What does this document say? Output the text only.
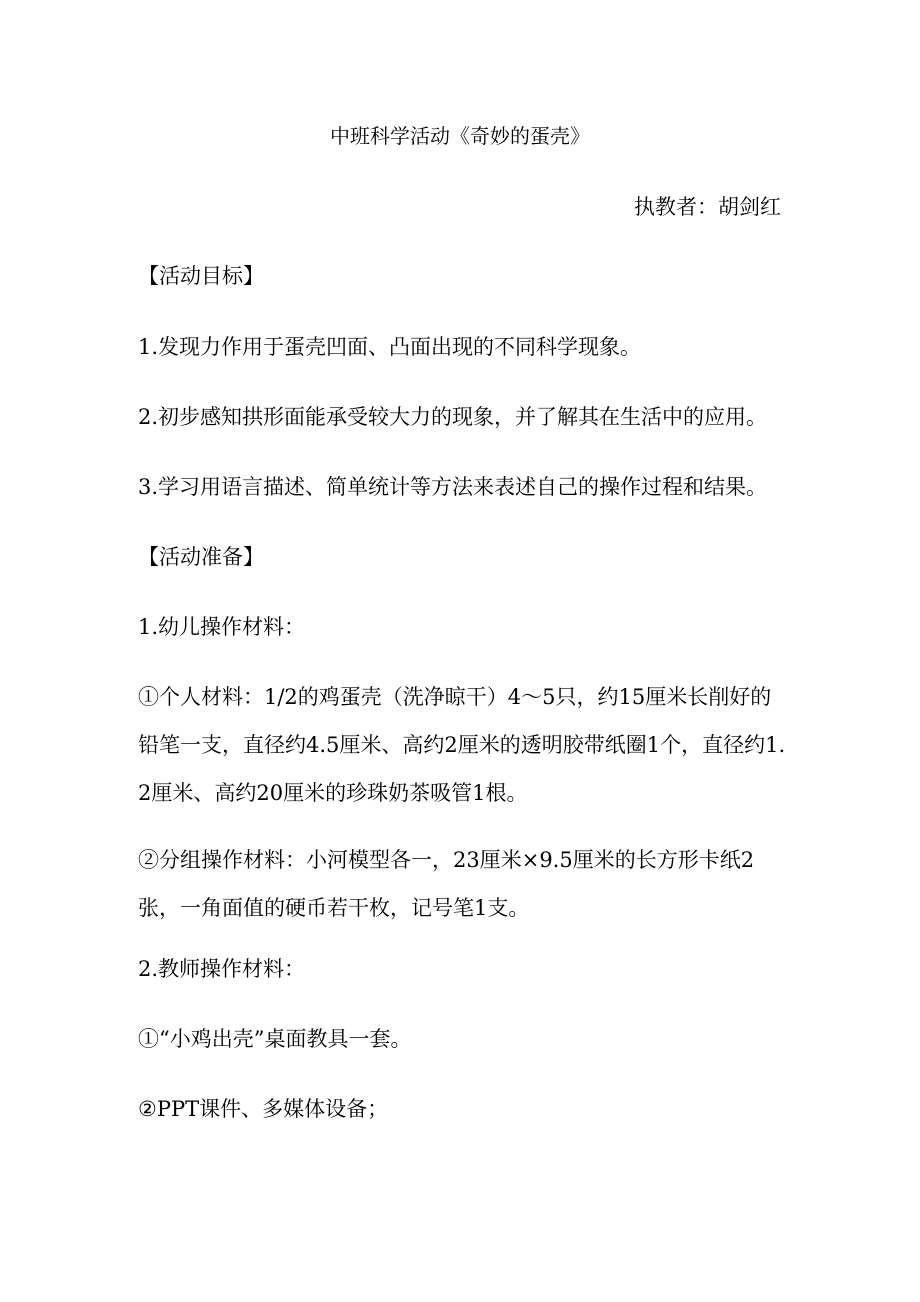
中班科学活动《奇妙的蛋壳》
执教者：胡剑红
【活动目标】
1.发现力作用于蛋壳凹面、凸面出现的不同科学现象。
2.初步感知拱形面能承受较大力的现象，并了解其在生活中的应用。
3.学习用语言描述、简单统计等方法来表述自己的操作过程和结果。
【活动准备】
1.幼儿操作材料：
①个人材料：1/2的鸡蛋壳（洗净晾干）4～5只，约15厘米长削好的铅笔一支，直径约4.5厘米、高约2厘米的透明胶带纸圈1个，直径约1.2厘米、高约20厘米的珍珠奶茶吸管1根。
②分组操作材料：小河模型各一，23厘米×9.5厘米的长方形卡纸2张，一角面值的硬币若干枚，记号笔1支。
2.教师操作材料：
①“小鸡出壳”桌面教具一套。
②PPT课件、多媒体设备；
